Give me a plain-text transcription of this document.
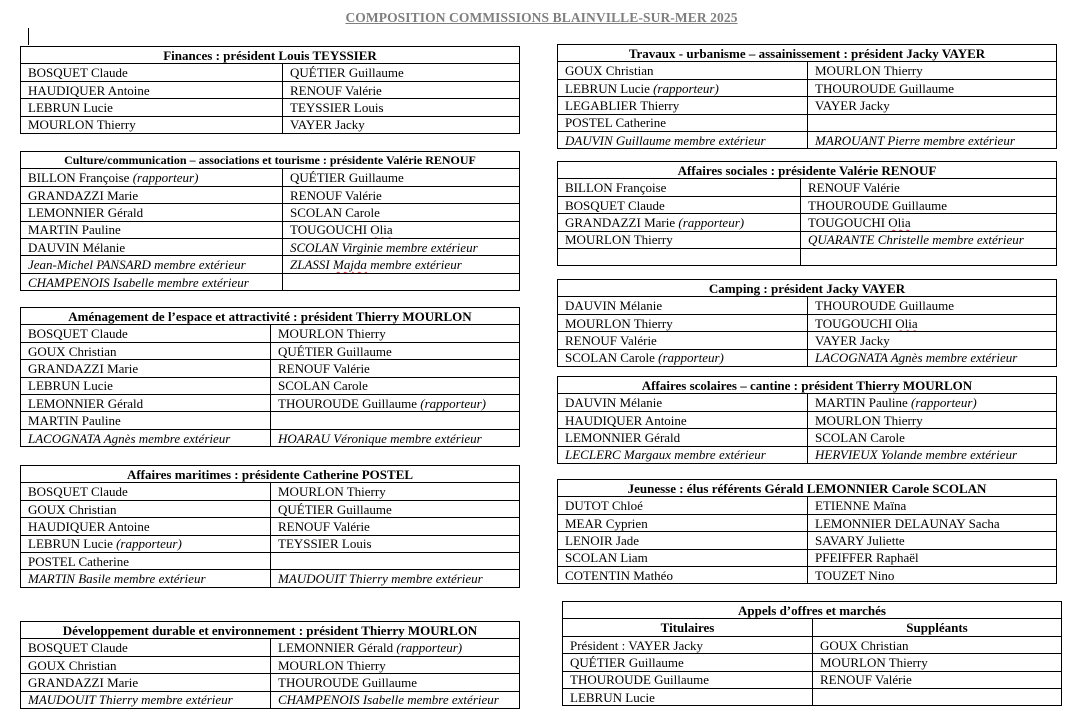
COMPOSITION COMMISSIONS BLAINVILLE-SUR-MER 2025
Finances : président Louis TEYSSIER	
BOSQUET Claude	QUÉTIER Guillaume
HAUDIQUER Antoine	RENOUF Valérie
LEBRUN Lucie	TEYSSIER Louis
MOURLON Thierry	VAYER Jacky
Culture/communication – associations et tourisme : présidente Valérie RENOUF	
BILLON Françoise (rapporteur)	QUÉTIER Guillaume
GRANDAZZI Marie	RENOUF Valérie
LEMONNIER Gérald	SCOLAN Carole
MARTIN Pauline	TOUGOUCHI Olia
DAUVIN Mélanie	SCOLAN Virginie membre extérieur
Jean-Michel PANSARD membre extérieur	ZLASSI Majda membre extérieur
CHAMPENOIS Isabelle membre extérieur	
Aménagement de l’espace et attractivité : président Thierry MOURLON	
BOSQUET Claude	MOURLON Thierry
GOUX Christian	QUÉTIER Guillaume
GRANDAZZI Marie	RENOUF Valérie
LEBRUN Lucie	SCOLAN Carole
LEMONNIER Gérald	THOUROUDE Guillaume (rapporteur)
MARTIN Pauline	
LACOGNATA Agnès membre extérieur	HOARAU Véronique membre extérieur
Affaires maritimes : présidente Catherine POSTEL	
BOSQUET Claude	MOURLON Thierry
GOUX Christian	QUÉTIER Guillaume
HAUDIQUER Antoine	RENOUF Valérie
LEBRUN Lucie (rapporteur)	TEYSSIER Louis
POSTEL Catherine	
MARTIN Basile membre extérieur	MAUDOUIT Thierry membre extérieur
Développement durable et environnement : président Thierry MOURLON	
BOSQUET Claude	LEMONNIER Gérald (rapporteur)
GOUX Christian	MOURLON Thierry
GRANDAZZI Marie	THOUROUDE Guillaume
MAUDOUIT Thierry membre extérieur	CHAMPENOIS Isabelle membre extérieur
Travaux - urbanisme – assainissement : président Jacky VAYER	
GOUX Christian	MOURLON Thierry
LEBRUN Lucie (rapporteur)	THOUROUDE Guillaume
LEGABLIER Thierry	VAYER Jacky
POSTEL Catherine	
DAUVIN Guillaume membre extérieur	MAROUANT Pierre membre extérieur
Affaires sociales : présidente Valérie RENOUF	
BILLON Françoise	RENOUF Valérie
BOSQUET Claude	THOUROUDE Guillaume
GRANDAZZI Marie (rapporteur)	TOUGOUCHI Olia
MOURLON Thierry	QUARANTE Christelle membre extérieur

Camping : président Jacky VAYER	
DAUVIN Mélanie	THOUROUDE Guillaume
MOURLON Thierry	TOUGOUCHI Olia
RENOUF Valérie	VAYER Jacky
SCOLAN Carole (rapporteur)	LACOGNATA Agnès membre extérieur
Affaires scolaires – cantine : président Thierry MOURLON	
DAUVIN Mélanie	MARTIN Pauline (rapporteur)
HAUDIQUER Antoine	MOURLON Thierry
LEMONNIER Gérald	SCOLAN Carole
LECLERC Margaux membre extérieur	HERVIEUX Yolande membre extérieur
Jeunesse : élus référents Gérald LEMONNIER Carole SCOLAN	
DUTOT Chloé	ETIENNE Maïna
MEAR Cyprien	LEMONNIER DELAUNAY Sacha
LENOIR Jade	SAVARY Juliette
SCOLAN Liam	PFEIFFER Raphaël
COTENTIN Mathéo	TOUZET Nino
Appels d’offres et marchés	
Titulaires	Suppléants
Président : VAYER Jacky	GOUX Christian
QUÉTIER Guillaume	MOURLON Thierry
THOUROUDE Guillaume	RENOUF Valérie
LEBRUN Lucie	
